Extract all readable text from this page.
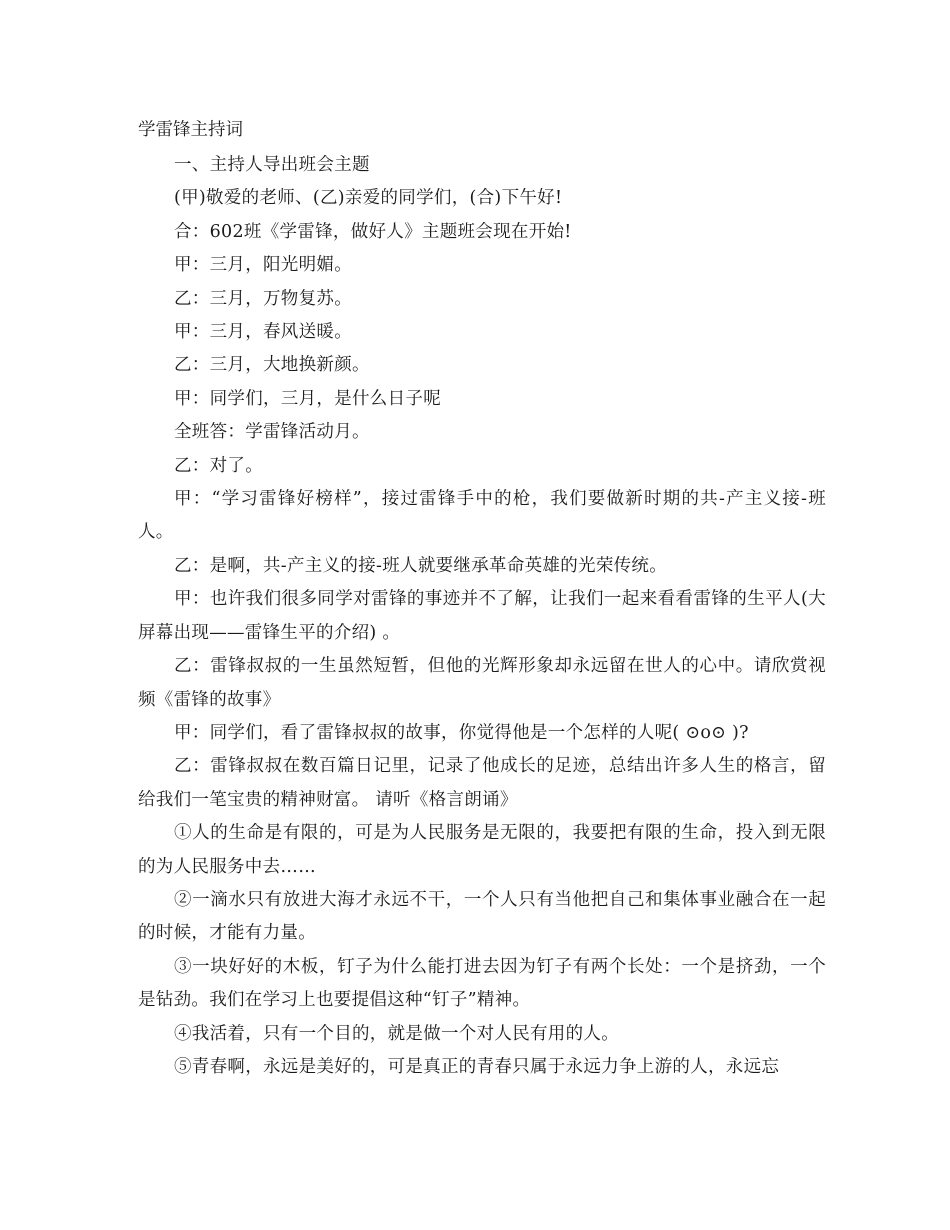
学雷锋主持词

一、主持人导出班会主题

(甲)敬爱的老师、(乙)亲爱的同学们，(合)下午好!

合：602班《学雷锋，做好人》主题班会现在开始!

甲：三月，阳光明媚。

乙：三月，万物复苏。

甲：三月，春风送暖。

乙：三月，大地换新颜。

甲：同学们，三月，是什么日子呢

全班答：学雷锋活动月。

乙：对了。

甲：“学习雷锋好榜样”，接过雷锋手中的枪，我们要做新时期的共-产主义接-班人。

乙：是啊，共-产主义的接-班人就要继承革命英雄的光荣传统。

甲：也许我们很多同学对雷锋的事迹并不了解，让我们一起来看看雷锋的生平人(大屏幕出现——雷锋生平的介绍) 。

乙：雷锋叔叔的一生虽然短暂，但他的光辉形象却永远留在世人的心中。请欣赏视频《雷锋的故事》

甲：同学们，看了雷锋叔叔的故事，你觉得他是一个怎样的人呢( ⊙o⊙ )?

乙：雷锋叔叔在数百篇日记里，记录了他成长的足迹，总结出许多人生的格言，留给我们一笔宝贵的精神财富。 请听《格言朗诵》

①人的生命是有限的，可是为人民服务是无限的，我要把有限的生命，投入到无限的为人民服务中去……

②一滴水只有放进大海才永远不干，一个人只有当他把自己和集体事业融合在一起的时候，才能有力量。

③一块好好的木板，钉子为什么能打进去因为钉子有两个长处：一个是挤劲，一个是钻劲。我们在学习上也要提倡这种“钉子”精神。

④我活着，只有一个目的，就是做一个对人民有用的人。

⑤青春啊，永远是美好的，可是真正的青春只属于永远力争上游的人，永远忘
